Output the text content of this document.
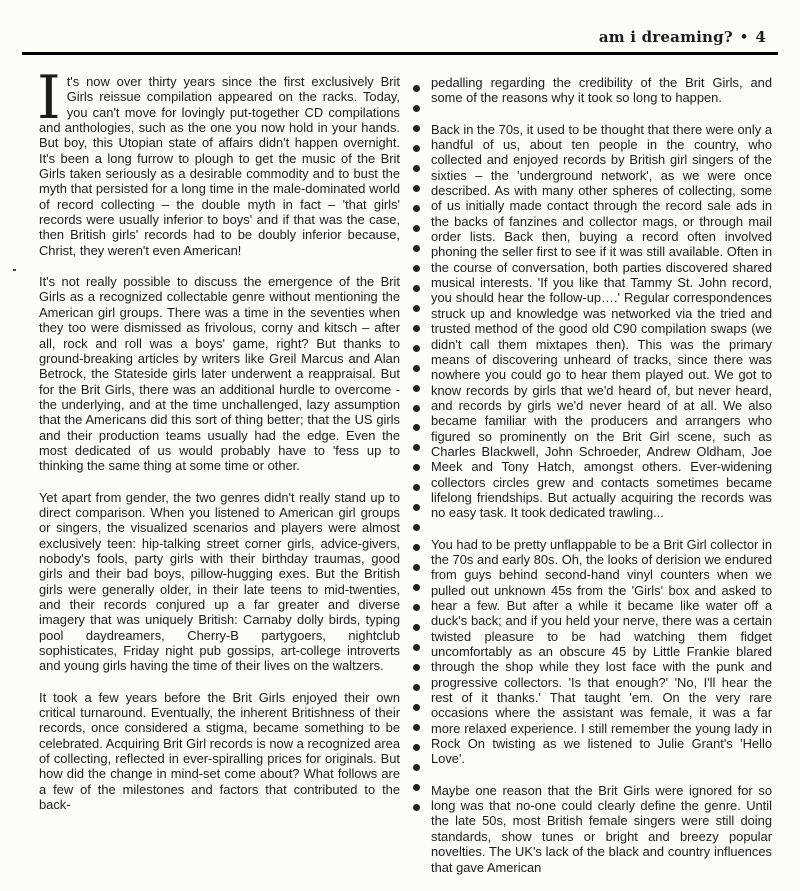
am i dreaming? • 4

It's now over thirty years since the first exclusively Brit Girls reissue compilation appeared on the racks. Today, you can't move for lovingly put-together CD compilations and anthologies, such as the one you now hold in your hands. But boy, this Utopian state of affairs didn't happen overnight. It's been a long furrow to plough to get the music of the Brit Girls taken seriously as a desirable commodity and to bust the myth that persisted for a long time in the male-dominated world of record collecting – the double myth in fact – 'that girls' records were usually inferior to boys' and if that was the case, then British girls' records had to be doubly inferior because, Christ, they weren't even American!

It's not really possible to discuss the emergence of the Brit Girls as a recognized collectable genre without mentioning the American girl groups. There was a time in the seventies when they too were dismissed as frivolous, corny and kitsch – after all, rock and roll was a boys' game, right? But thanks to ground-breaking articles by writers like Greil Marcus and Alan Betrock, the Stateside girls later underwent a reappraisal. But for the Brit Girls, there was an additional hurdle to overcome - the underlying, and at the time unchallenged, lazy assumption that the Americans did this sort of thing better; that the US girls and their production teams usually had the edge. Even the most dedicated of us would probably have to 'fess up to thinking the same thing at some time or other.

Yet apart from gender, the two genres didn't really stand up to direct comparison. When you listened to American girl groups or singers, the visualized scenarios and players were almost exclusively teen: hip-talking street corner girls, advice-givers, nobody's fools, party girls with their birthday traumas, good girls and their bad boys, pillow-hugging exes. But the British girls were generally older, in their late teens to mid-twenties, and their records conjured up a far greater and diverse imagery that was uniquely British: Carnaby dolly birds, typing pool daydreamers, Cherry-B partygoers, nightclub sophisticates, Friday night pub gossips, art-college introverts and young girls having the time of their lives on the waltzers.

It took a few years before the Brit Girls enjoyed their own critical turnaround. Eventually, the inherent Britishness of their records, once considered a stigma, became something to be celebrated. Acquiring Brit Girl records is now a recognized area of collecting, reflected in ever-spiralling prices for originals. But how did the change in mind-set come about? What follows are a few of the milestones and factors that contributed to the back-

pedalling regarding the credibility of the Brit Girls, and some of the reasons why it took so long to happen.

Back in the 70s, it used to be thought that there were only a handful of us, about ten people in the country, who collected and enjoyed records by British girl singers of the sixties – the 'underground network', as we were once described. As with many other spheres of collecting, some of us initially made contact through the record sale ads in the backs of fanzines and collector mags, or through mail order lists. Back then, buying a record often involved phoning the seller first to see if it was still available. Often in the course of conversation, both parties discovered shared musical interests. 'If you like that Tammy St. John record, you should hear the follow-up….' Regular correspondences struck up and knowledge was networked via the tried and trusted method of the good old C90 compilation swaps (we didn't call them mixtapes then). This was the primary means of discovering unheard of tracks, since there was nowhere you could go to hear them played out. We got to know records by girls that we'd heard of, but never heard, and records by girls we'd never heard of at all. We also became familiar with the producers and arrangers who figured so prominently on the Brit Girl scene, such as Charles Blackwell, John Schroeder, Andrew Oldham, Joe Meek and Tony Hatch, amongst others. Ever-widening collectors circles grew and contacts sometimes became lifelong friendships. But actually acquiring the records was no easy task. It took dedicated trawling...

You had to be pretty unflappable to be a Brit Girl collector in the 70s and early 80s. Oh, the looks of derision we endured from guys behind second-hand vinyl counters when we pulled out unknown 45s from the 'Girls' box and asked to hear a few. But after a while it became like water off a duck's back; and if you held your nerve, there was a certain twisted pleasure to be had watching them fidget uncomfortably as an obscure 45 by Little Frankie blared through the shop while they lost face with the punk and progressive collectors. 'Is that enough?' 'No, I'll hear the rest of it thanks.' That taught 'em. On the very rare occasions where the assistant was female, it was a far more relaxed experience. I still remember the young lady in Rock On twisting as we listened to Julie Grant's 'Hello Love'.

Maybe one reason that the Brit Girls were ignored for so long was that no-one could clearly define the genre. Until the late 50s, most British female singers were still doing standards, show tunes or bright and breezy popular novelties. The UK's lack of the black and country influences that gave American
